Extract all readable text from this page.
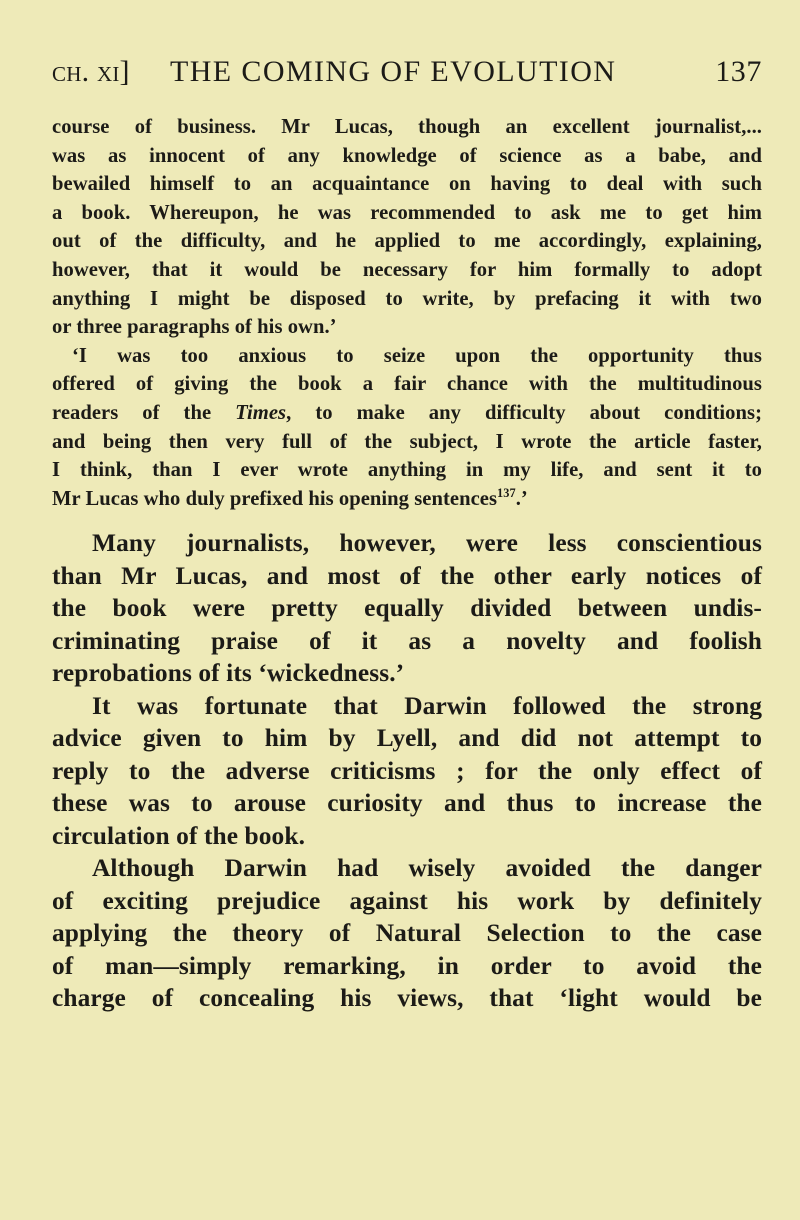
ch. xi] THE COMING OF EVOLUTION	137

course of business. Mr Lucas, though an excellent journalist,...
was as innocent of any knowledge of science as a babe, and
bewailed himself to an acquaintance on having to deal with such
a book. Whereupon, he was recommended to ask me to get him
out of the difficulty, and he applied to me accordingly, explaining,
however, that it would be necessary for him formally to adopt
anything I might be disposed to write, by prefacing it with two
or three paragraphs of his own.’

‘I was too anxious to seize upon the opportunity thus
offered of giving the book a fair chance with the multitudinous
readers of the Times, to make any difficulty about conditions;
and being then very full of the subject, I wrote the article faster,
I think, than I ever wrote anything in my life, and sent it to
Mr Lucas who duly prefixed his opening sentences$^{137}$.’

Many journalists, however, were less conscientious
than Mr Lucas, and most of the other early notices of
the book were pretty equally divided between undis-
criminating praise of it as a novelty and foolish
reprobations of its ‘wickedness.’

It was fortunate that Darwin followed the strong
advice given to him by Lyell, and did not attempt to
reply to the adverse criticisms ; for the only effect of
these was to arouse curiosity and thus to increase the
circulation of the book.

Although Darwin had wisely avoided the danger
of exciting prejudice against his work by definitely
applying the theory of Natural Selection to the case
of man—simply remarking, in order to avoid the
charge of concealing his views, that ‘light would be
